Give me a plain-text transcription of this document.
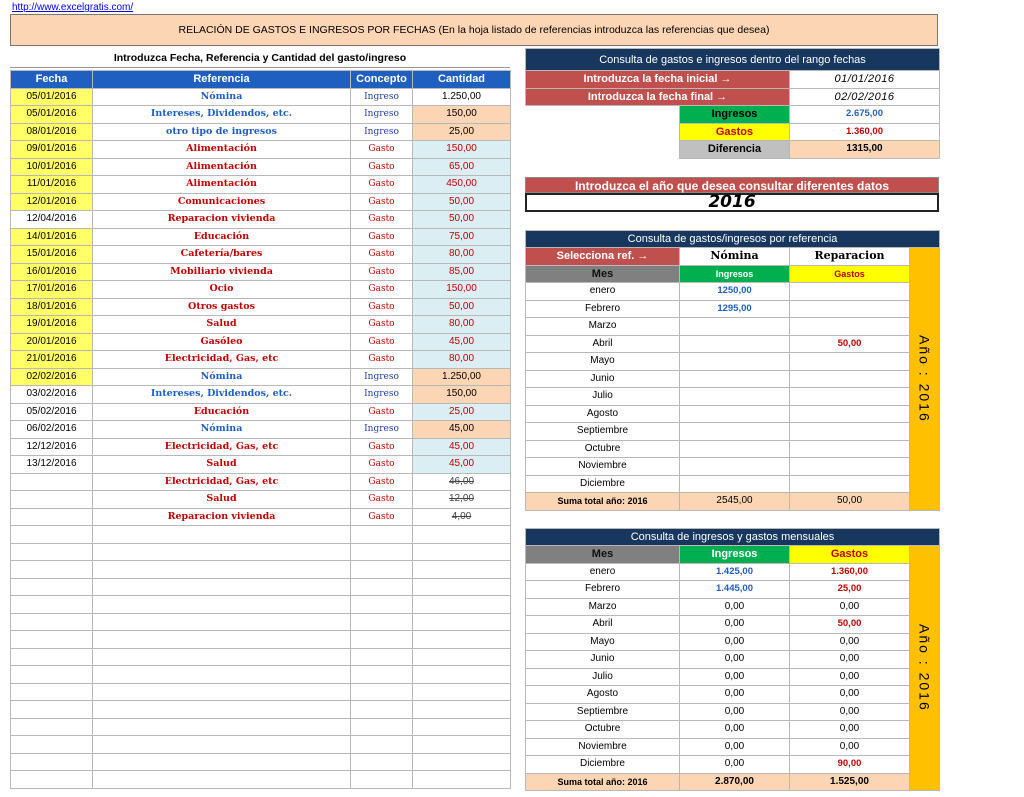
http://www.excelgratis.com/
RELACIÓN DE GASTOS E INGRESOS POR FECHAS (En la hoja listado de referencias introduzca las referencias que desea)
Introduzca Fecha, Referencia y Cantidad del gasto/ingreso
Fecha	Referencia	Concepto	Cantidad
05/01/2016	Nómina	Ingreso	1.250,00
05/01/2016	Intereses, Dividendos, etc.	Ingreso	150,00
08/01/2016	otro tipo de ingresos	Ingreso	25,00
09/01/2016	Alimentación	Gasto	150,00
10/01/2016	Alimentación	Gasto	65,00
11/01/2016	Alimentación	Gasto	450,00
12/01/2016	Comunicaciones	Gasto	50,00
12/04/2016	Reparacion vivienda	Gasto	50,00
14/01/2016	Educación	Gasto	75,00
15/01/2016	Cafetería/bares	Gasto	80,00
16/01/2016	Mobiliario vivienda	Gasto	85,00
17/01/2016	Ocio	Gasto	150,00
18/01/2016	Otros gastos	Gasto	50,00
19/01/2016	Salud	Gasto	80,00
20/01/2016	Gasóleo	Gasto	45,00
21/01/2016	Electricidad, Gas, etc	Gasto	80,00
02/02/2016	Nómina	Ingreso	1.250,00
03/02/2016	Intereses, Dividendos, etc.	Ingreso	150,00
05/02/2016	Educación	Gasto	25,00
06/02/2016	Nómina	Ingreso	45,00
12/12/2016	Electricidad, Gas, etc	Gasto	45,00
13/12/2016	Salud	Gasto	45,00
	Electricidad, Gas, etc	Gasto	46,00
	Salud	Gasto	12,00
	Reparacion vivienda	Gasto	4,00

Consulta de gastos e ingresos dentro del rango fechas		
Introduzca la fecha inicial →		01/01/2016
Introduzca la fecha final →		02/02/2016
	Ingresos	2.675,00
	Gastos	1.360,00
	Diferencia	1315,00
Introduzca el año que desea consultar diferentes datos
2016
Consulta de gastos/ingresos por referencia			
Selecciona ref. →	Nómina	Reparacion	Año : 2016
Mes	Ingresos	Gastos	
enero	1250,00		
Febrero	1295,00		
Marzo			
Abril		50,00	
Mayo			
Junio			
Julio			
Agosto			
Septiembre			
Octubre			
Noviembre			
Diciembre			
Suma total año: 2016	2545,00	50,00	
Consulta de ingresos y gastos mensuales			
Mes	Ingresos	Gastos	Año : 2016
enero	1.425,00	1.360,00	
Febrero	1.445,00	25,00	
Marzo	0,00	0,00	
Abril	0,00	50,00	
Mayo	0,00	0,00	
Junio	0,00	0,00	
Julio	0,00	0,00	
Agosto	0,00	0,00	
Septiembre	0,00	0,00	
Octubre	0,00	0,00	
Noviembre	0,00	0,00	
Diciembre	0,00	90,00	
Suma total año: 2016	2.870,00	1.525,00	
